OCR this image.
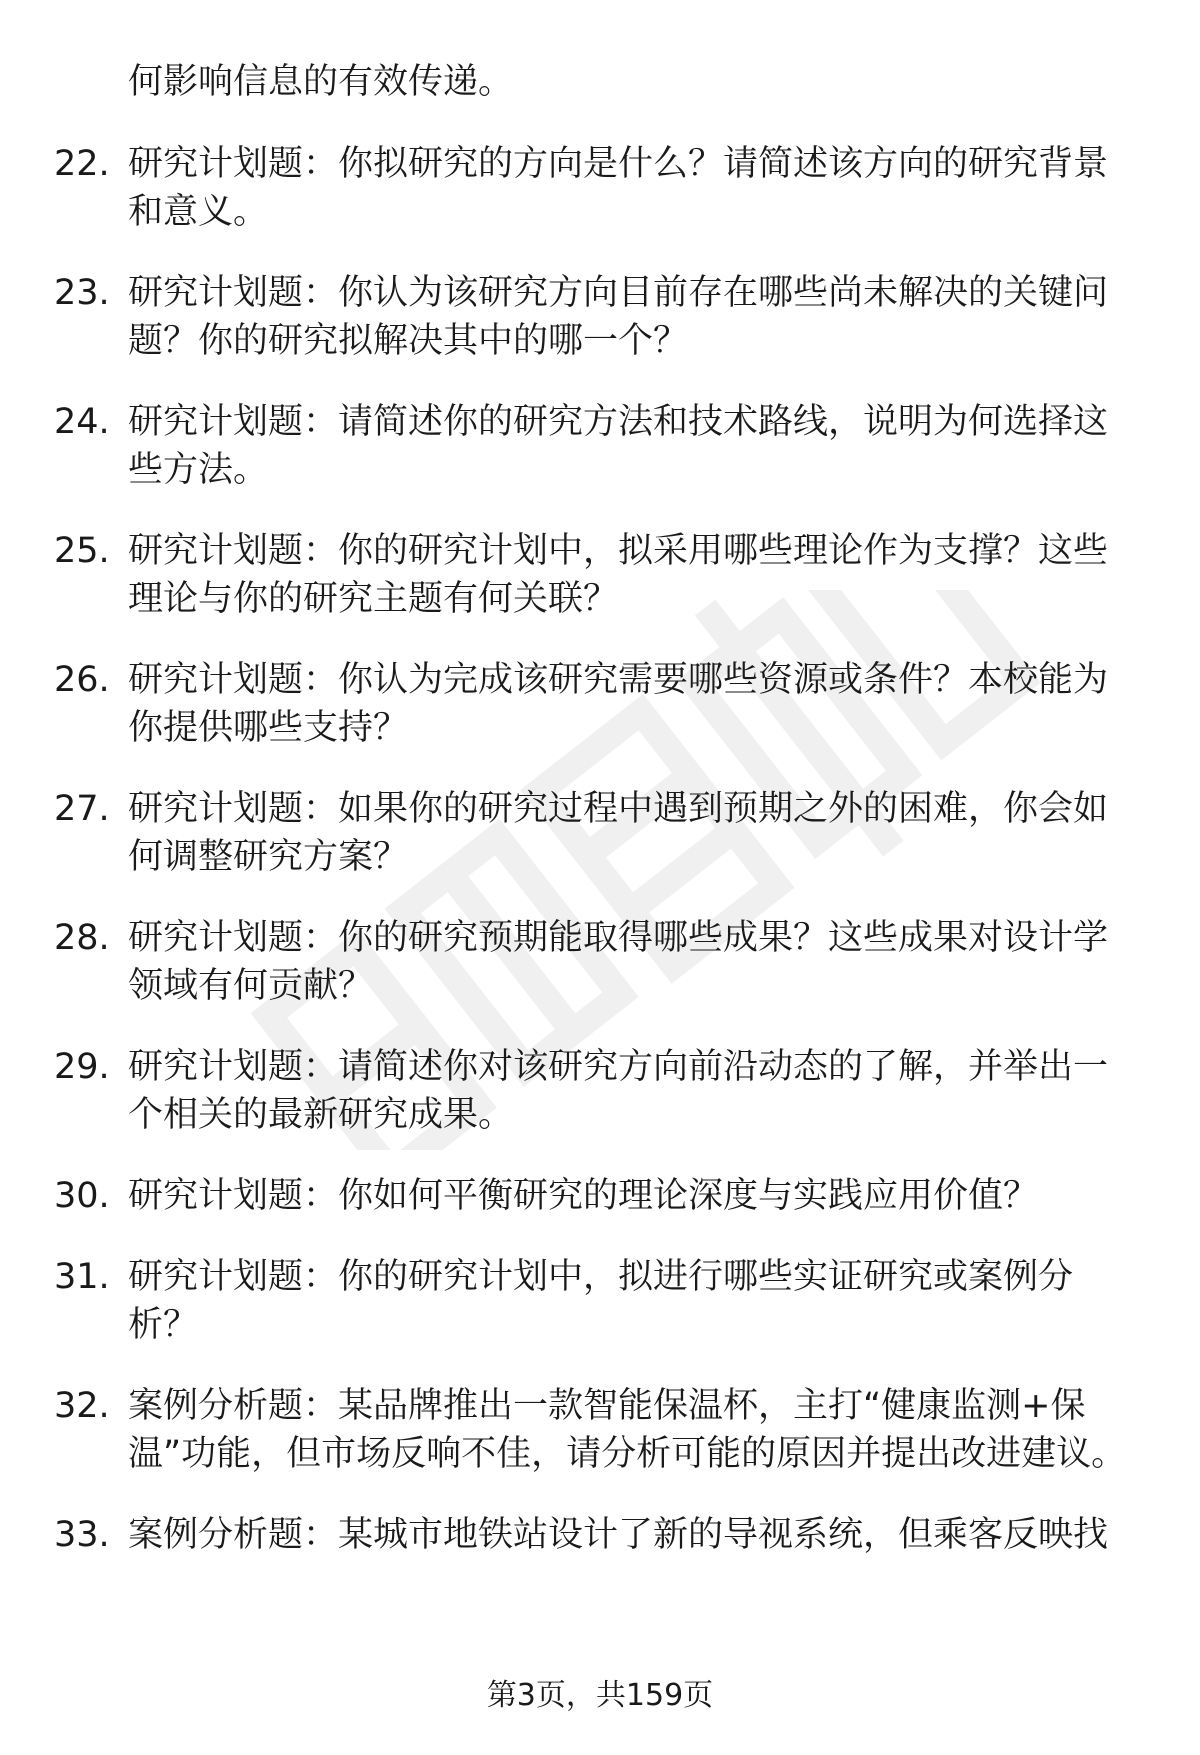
何影响信息的有效传递。
22. 研究计划题：你拟研究的方向是什么？请简述该方向的研究背景和意义。
23. 研究计划题：你认为该研究方向目前存在哪些尚未解决的关键问题？你的研究拟解决其中的哪一个？
24. 研究计划题：请简述你的研究方法和技术路线，说明为何选择这些方法。
25. 研究计划题：你的研究计划中，拟采用哪些理论作为支撑？这些理论与你的研究主题有何关联？
26. 研究计划题：你认为完成该研究需要哪些资源或条件？本校能为你提供哪些支持？
27. 研究计划题：如果你的研究过程中遇到预期之外的困难，你会如何调整研究方案？
28. 研究计划题：你的研究预期能取得哪些成果？这些成果对设计学领域有何贡献？
29. 研究计划题：请简述你对该研究方向前沿动态的了解，并举出一个相关的最新研究成果。
30. 研究计划题：你如何平衡研究的理论深度与实践应用价值？
31. 研究计划题：你的研究计划中，拟进行哪些实证研究或案例分析？
32. 案例分析题：某品牌推出一款智能保温杯，主打“健康监测+保温”功能，但市场反响不佳，请分析可能的原因并提出改进建议。
33. 案例分析题：某城市地铁站设计了新的导视系统，但乘客反映找
第3页，共159页
